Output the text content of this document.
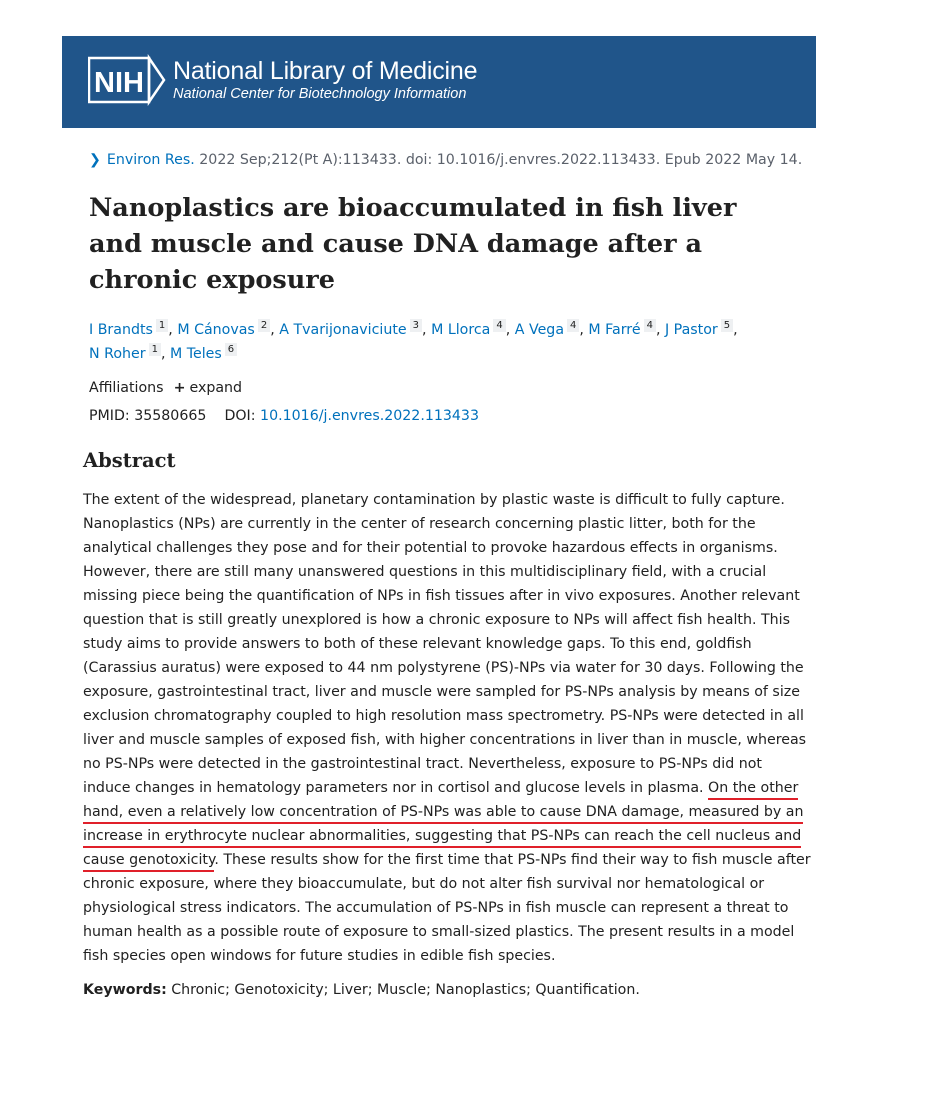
NIH National Library of Medicine
National Center for Biotechnology Information
❯ Environ Res. 2022 Sep;212(Pt A):113433. doi: 10.1016/j.envres.2022.113433. Epub 2022 May 14.
Nanoplastics are bioaccumulated in fish liver and muscle and cause DNA damage after a chronic exposure
I Brandts $^1$ , M Cánovas $^2$ , A Tvarijonaviciute $^3$ , M Llorca $^4$ , A Vega $^4$ , M Farré $^4$ , J Pastor $^5$ ,
N Roher $^1$ , M Teles $^6$
Affiliations + expand
PMID: 35580665 DOI: 10.1016/j.envres.2022.113433
Abstract
The extent of the widespread, planetary contamination by plastic waste is difficult to fully capture.
Nanoplastics (NPs) are currently in the center of research concerning plastic litter, both for the
analytical challenges they pose and for their potential to provoke hazardous effects in organisms.
However, there are still many unanswered questions in this multidisciplinary field, with a crucial
missing piece being the quantification of NPs in fish tissues after in vivo exposures. Another relevant
question that is still greatly unexplored is how a chronic exposure to NPs will affect fish health. This
study aims to provide answers to both of these relevant knowledge gaps. To this end, goldfish
(Carassius auratus) were exposed to 44 nm polystyrene (PS)-NPs via water for 30 days. Following the
exposure, gastrointestinal tract, liver and muscle were sampled for PS-NPs analysis by means of size
exclusion chromatography coupled to high resolution mass spectrometry. PS-NPs were detected in all
liver and muscle samples of exposed fish, with higher concentrations in liver than in muscle, whereas
no PS-NPs were detected in the gastrointestinal tract. Nevertheless, exposure to PS-NPs did not
induce changes in hematology parameters nor in cortisol and glucose levels in plasma. On the other
hand, even a relatively low concentration of PS-NPs was able to cause DNA damage, measured by an
increase in erythrocyte nuclear abnormalities, suggesting that PS-NPs can reach the cell nucleus and
cause genotoxicity. These results show for the first time that PS-NPs find their way to fish muscle after
chronic exposure, where they bioaccumulate, but do not alter fish survival nor hematological or
physiological stress indicators. The accumulation of PS-NPs in fish muscle can represent a threat to
human health as a possible route of exposure to small-sized plastics. The present results in a model
fish species open windows for future studies in edible fish species.
Keywords: Chronic; Genotoxicity; Liver; Muscle; Nanoplastics; Quantification.
